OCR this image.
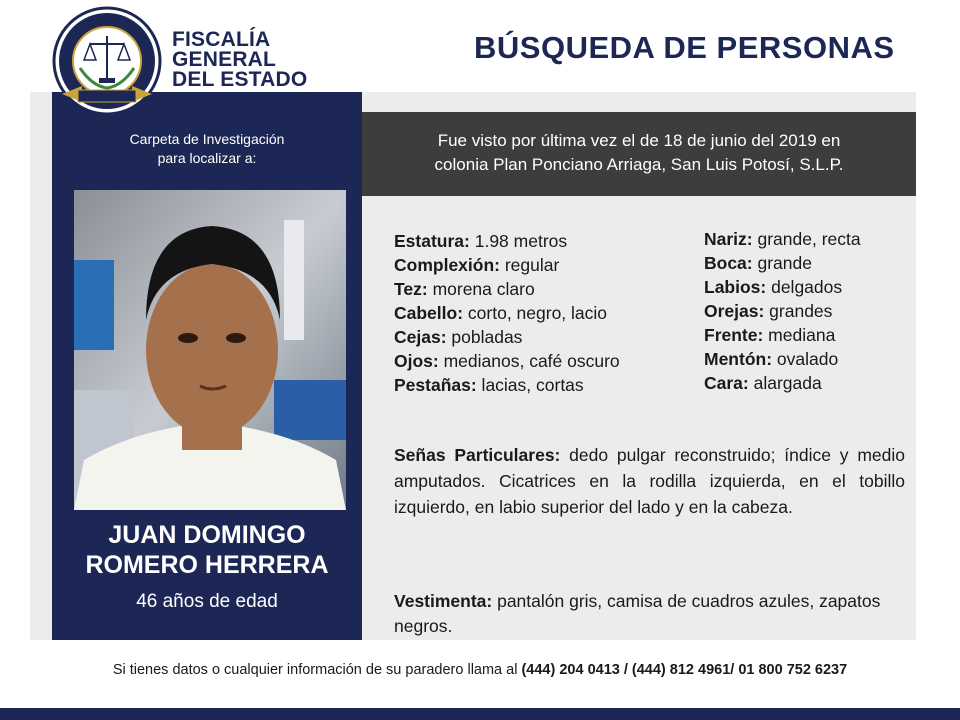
FISCALÍA GENERAL
DEL ESTADO
DE SAN LUIS POTOSÍ
BÚSQUEDA DE PERSONAS
Carpeta de Investigación
para localizar a:
JUAN DOMINGO
ROMERO HERRERA
46 años de edad
Fue visto por última vez el de 18 de junio del 2019 en
colonia Plan Ponciano Arriaga, San Luis Potosí, S.L.P.
Estatura: 1.98 metros
Complexión: regular
Tez: morena claro
Cabello: corto, negro, lacio
Cejas: pobladas
Ojos: medianos, café oscuro
Pestañas: lacias, cortas
Nariz: grande, recta
Boca: grande
Labios: delgados
Orejas: grandes
Frente: mediana
Mentón: ovalado
Cara: alargada
Señas Particulares: dedo pulgar reconstruido; índice y medio amputados. Cicatrices en la rodilla izquierda, en el tobillo izquierdo, en labio superior del lado y en la cabeza.
Vestimenta: pantalón gris, camisa de cuadros azules, zapatos negros.
Si tienes datos o cualquier información de su paradero llama al (444) 204 0413 / (444) 812 4961/ 01 800 752 6237
